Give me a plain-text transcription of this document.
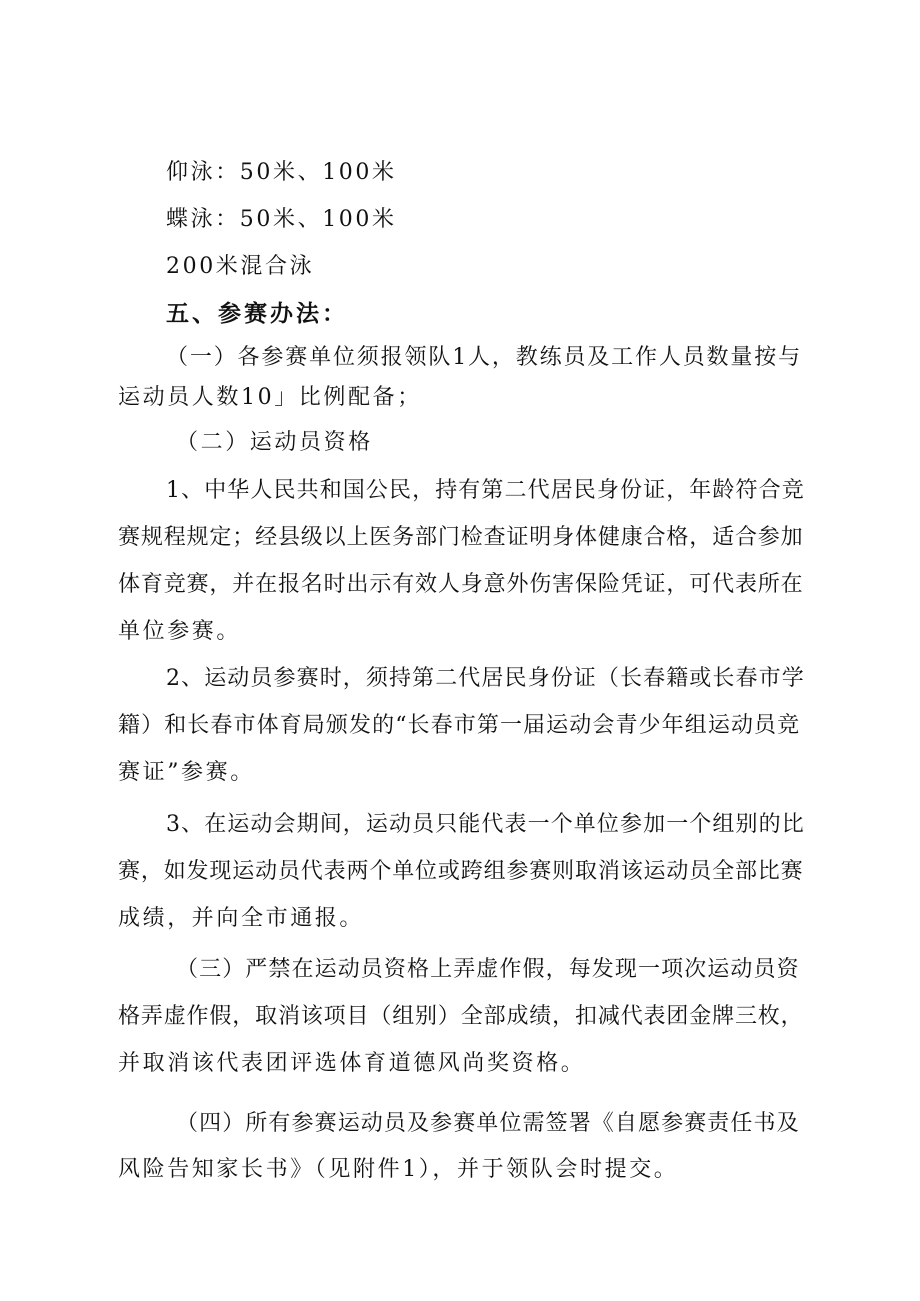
仰泳：50米、100米
蝶泳：50米、100米
200米混合泳
五、参赛办法：
（一）各参赛单位须报领队1人，教练员及工作人员数量按与
运动员人数10」比例配备；
（二）运动员资格
1、中华人民共和国公民，持有第二代居民身份证，年龄符合竞
赛规程规定；经县级以上医务部门检查证明身体健康合格，适合参加
体育竞赛，并在报名时出示有效人身意外伤害保险凭证，可代表所在
单位参赛。
2、运动员参赛时，须持第二代居民身份证（长春籍或长春市学
籍）和长春市体育局颁发的“长春市第一届运动会青少年组运动员竞
赛证”参赛。
3、在运动会期间，运动员只能代表一个单位参加一个组别的比
赛，如发现运动员代表两个单位或跨组参赛则取消该运动员全部比赛
成绩，并向全市通报。
（三）严禁在运动员资格上弄虚作假，每发现一项次运动员资
格弄虚作假，取消该项目（组别）全部成绩，扣减代表团金牌三枚，
并取消该代表团评选体育道德风尚奖资格。
（四）所有参赛运动员及参赛单位需签署《自愿参赛责任书及
风险告知家长书》（见附件1），并于领队会时提交。
